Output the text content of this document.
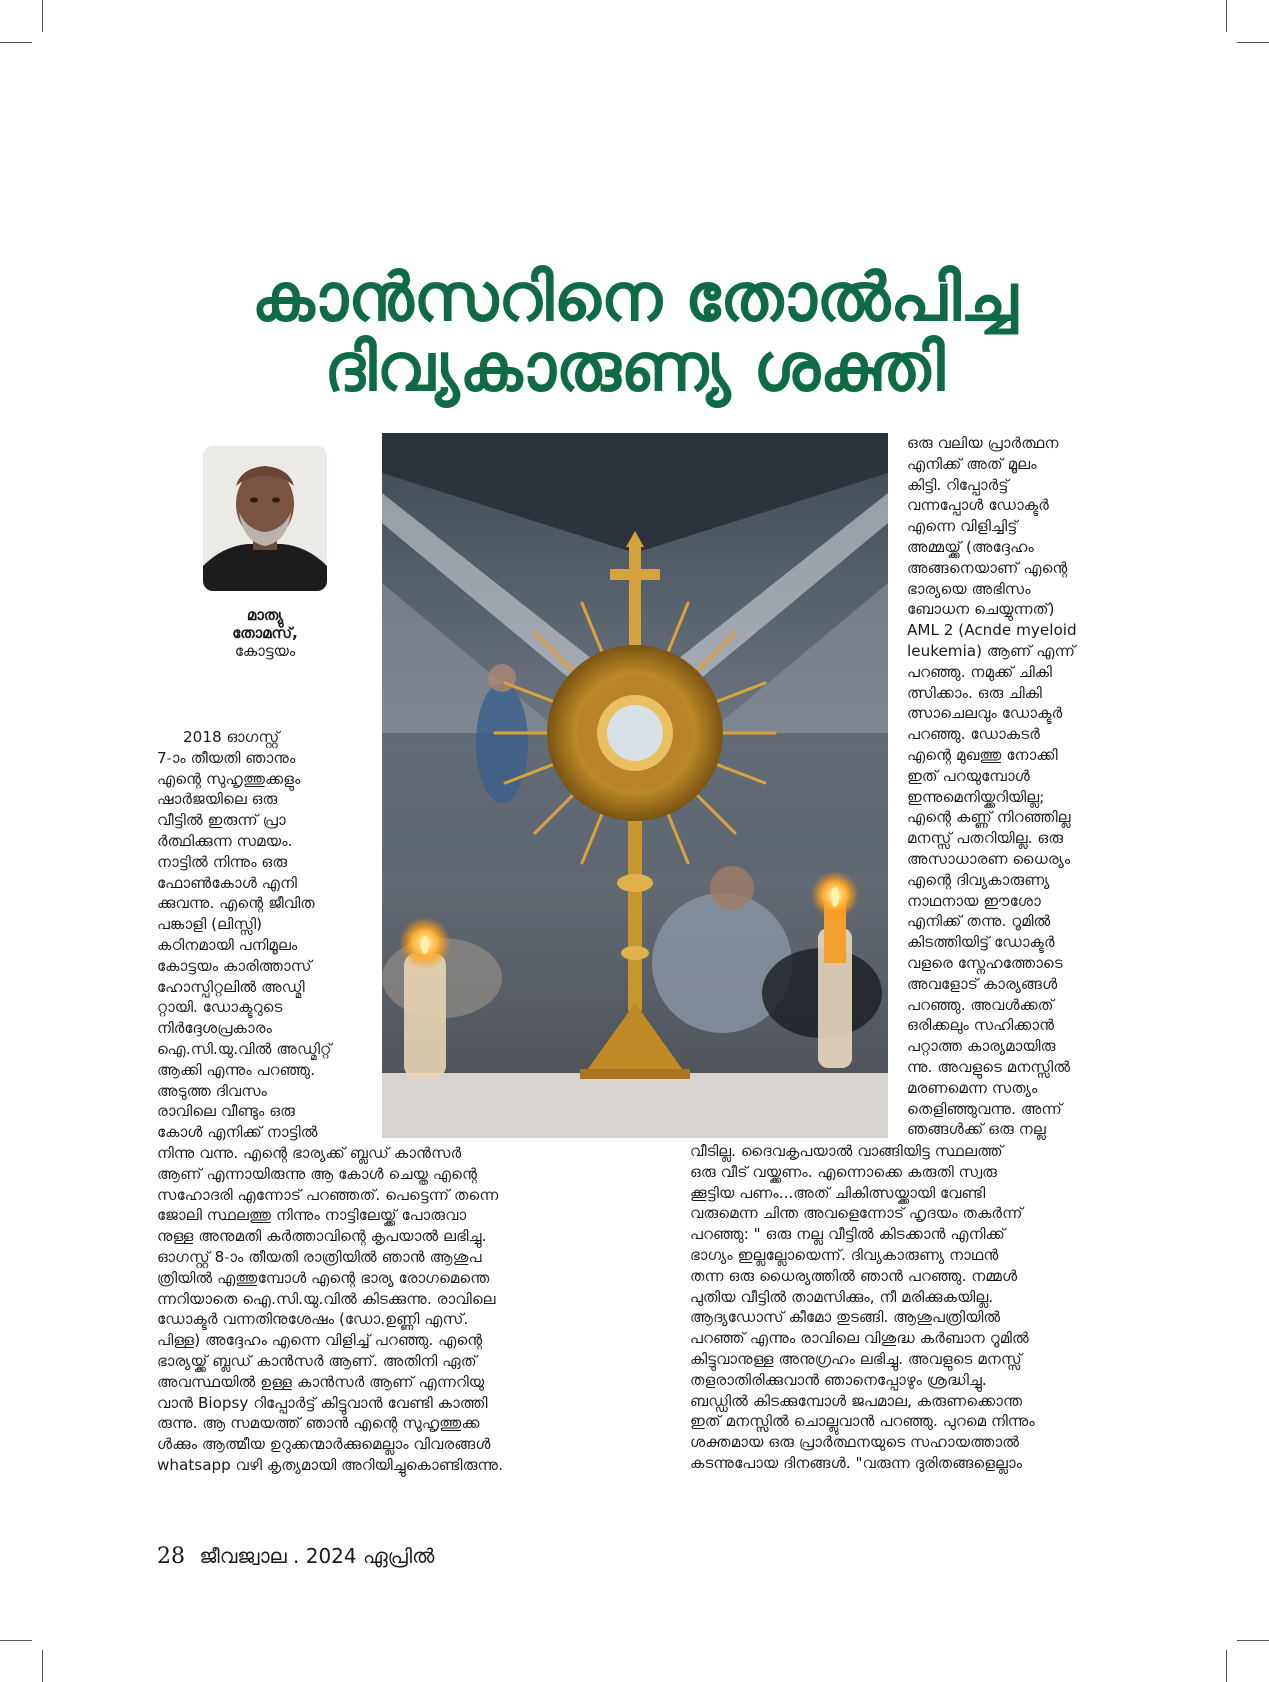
കാൻസറിനെ തോൽപിച്ച
ദിവ്യകാരുണ്യ ശക്തി
മാത്യു
തോമസ്,
കോട്ടയം

2018 ഓഗസ്റ്റ്

7-ാം തീയതി ഞാനും

എന്റെ സുഹൃത്തുക്കളും

ഷാർജയിലെ ഒരു

വീട്ടിൽ ഇരുന്ന് പ്രാ

ർത്ഥിക്കുന്ന സമയം.

നാട്ടിൽ നിന്നും ഒരു

ഫോൺകോൾ എനി

ക്കുവന്നു. എന്റെ ജീവിത

പങ്കാളി (ലിസ്സി)

കഠിനമായി പനിമൂലം

കോട്ടയം കാരിത്താസ്

ഹോസ്പിറ്റലിൽ അഡ്മി

റ്റായി. ഡോക്ടറുടെ

നിർദ്ദേശപ്രകാരം

ഐ.സി.യു.വിൽ അഡ്മിറ്റ്

ആക്കി എന്നും പറഞ്ഞു.

അടുത്ത ദിവസം

രാവിലെ വീണ്ടും ഒരു

കോൾ എനിക്ക് നാട്ടിൽ

നിന്നു വന്നു. എന്റെ ഭാര്യക്ക് ബ്ലഡ് കാൻസർ

ആണ് എന്നായിരുന്നു ആ കോൾ ചെയ്ത എന്റെ

സഹോദരി എന്നോട് പറഞ്ഞത്. പെട്ടെന്ന് തന്നെ

ജോലി സ്ഥലത്തു നിന്നും നാട്ടിലേയ്ക്ക് പോരുവാ

നുള്ള അനുമതി കർത്താവിന്റെ കൃപയാൽ ലഭിച്ചു.

ഓഗസ്റ്റ് 8-ാം തീയതി രാത്രിയിൽ ഞാൻ ആശുപ

ത്രിയിൽ എത്തുമ്പോൾ എന്റെ ഭാര്യ രോഗമെന്തെ

ന്നറിയാതെ ഐ.സി.യു.വിൽ കിടക്കുന്നു. രാവിലെ

ഡോക്ടർ വന്നതിനുശേഷം (ഡോ.ഉണ്ണി എസ്.

പിള്ള) അദ്ദേഹം എന്നെ വിളിച്ച് പറഞ്ഞു. എന്റെ

ഭാര്യയ്ക്ക് ബ്ലഡ് കാൻസർ ആണ്. അതിനി ഏത്

അവസ്ഥയിൽ ഉള്ള കാൻസർ ആണ് എന്നറിയു

വാൻ Biopsy റിപ്പോർട്ട് കിട്ടുവാൻ വേണ്ടി കാത്തി

രുന്നു. ആ സമയത്ത് ഞാൻ എന്റെ സുഹൃത്തുക്ക

ൾക്കും ആത്മീയ ഉറുക്കന്മാർക്കുമെല്ലാം വിവരങ്ങൾ

whatsapp വഴി കൃത്യമായി അറിയിച്ചുകൊണ്ടിരുന്നു.

ഒരു വലിയ പ്രാർത്ഥന

എനിക്ക് അത് മൂലം

കിട്ടി. റിപ്പോർട്ട്

വന്നപ്പോൾ ഡോക്ടർ

എന്നെ വിളിച്ചിട്ട്

അമ്മയ്ക്ക് (അദ്ദേഹം

അങ്ങനെയാണ് എന്റെ

ഭാര്യയെ അഭിസം

ബോധന ചെയ്യുന്നത്)

AML 2 (Acnde myeloid

leukemia) ആണ് എന്ന്

പറഞ്ഞു. നമുക്ക് ചികി

ത്സിക്കാം. ഒരു ചികി

ത്സാചെലവും ഡോക്ടർ

പറഞ്ഞു. ഡോകടർ

എന്റെ മുഖത്തു നോക്കി

ഇത് പറയുമ്പോൾ

ഇന്നുമെനിയ്ക്കറിയില്ല;

എന്റെ കണ്ണ് നിറഞ്ഞില്ല

മനസ്സ് പതറിയില്ല. ഒരു

അസാധാരണ ധൈര്യം

എന്റെ ദിവ്യകാരുണ്യ

നാഥനായ ഈശോ

എനിക്ക് തന്നു. റൂമിൽ

കിടത്തിയിട്ട് ഡോക്ടർ

വളരെ സ്നേഹത്തോടെ

അവളോട് കാര്യങ്ങൾ

പറഞ്ഞു. അവൾക്കത്

ഒരിക്കലും സഹിക്കാൻ

പറ്റാത്ത കാര്യമായിരു

ന്നു. അവളുടെ മനസ്സിൽ

മരണമെന്ന സത്യം

തെളിഞ്ഞുവന്നു. അന്ന്

ഞങ്ങൾക്ക് ഒരു നല്ല

വീടില്ല. ദൈവകൃപയാൽ വാങ്ങിയിട്ട സ്ഥലത്ത്

ഒരു വീട് വയ്ക്കണം. എന്നൊക്കെ കരുതി സ്വരു

ക്കൂട്ടിയ പണം...അത് ചികിത്സയ്ക്കായി വേണ്ടി

വരുമെന്ന ചിന്ത അവളെന്നോട് ഹൃദയം തകർന്ന്

പറഞ്ഞു: " ഒരു നല്ല വീട്ടിൽ കിടക്കാൻ എനിക്ക്

ഭാഗ്യം ഇല്ലല്ലോയെന്ന്. ദിവ്യകാരുണ്യ നാഥൻ

തന്ന ഒരു ധൈര്യത്തിൽ ഞാൻ പറഞ്ഞു. നമ്മൾ

പുതിയ വീട്ടിൽ താമസിക്കും, നീ മരിക്കുകയില്ല.

ആദ്യഡോസ് കീമോ തുടങ്ങി. ആശുപത്രിയിൽ

പറഞ്ഞ് എന്നും രാവിലെ വിശുദ്ധ കർബാന റൂമിൽ

കിട്ടുവാനുള്ള അനുഗ്രഹം ലഭിച്ചു. അവളുടെ മനസ്സ്

തളരാതിരിക്കുവാൻ ഞാനെപ്പോഴും ശ്രദ്ധിച്ചു.

ബഡ്ഡിൽ കിടക്കുമ്പോൾ ജപമാല, കരുണക്കൊന്ത

ഇത് മനസ്സിൽ ചൊല്ലുവാൻ പറഞ്ഞു. പുറമെ നിന്നും

ശക്തമായ ഒരു പ്രാർത്ഥനയുടെ സഹായത്താൽ

കടന്നുപോയ ദിനങ്ങൾ. "വരുന്ന ദുരിതങ്ങളെല്ലാം

28 ജീവജ്വാല . 2024 ഏപ്രിൽ
